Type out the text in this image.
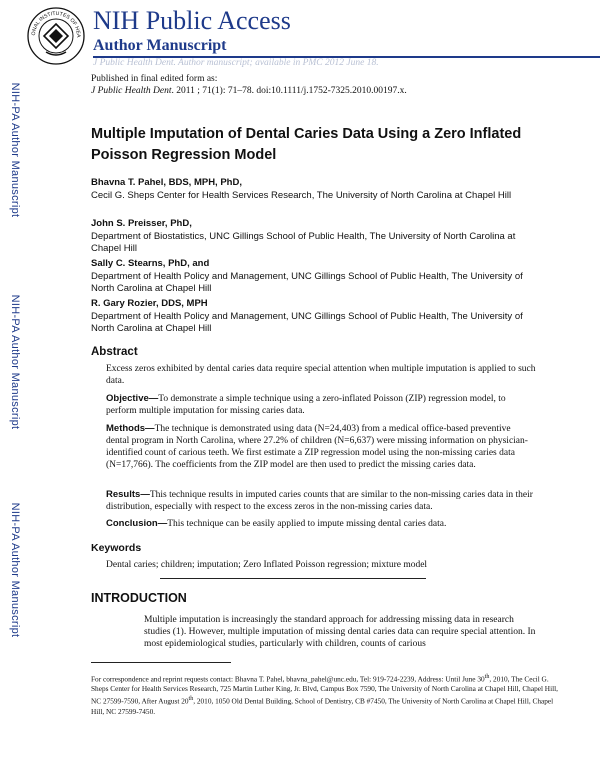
ONAL INSTITUTES OF HEA
NIH Public Access
Author Manuscript
J Public Health Dent. Author manuscript; available in PMC 2012 June 18.
Published in final edited form as:
J Public Health Dent. 2011 ; 71(1): 71–78. doi:10.1111/j.1752-7325.2010.00197.x.
NIH-PA Author Manuscript
NIH-PA Author Manuscript
NIH-PA Author Manuscript
Multiple Imputation of Dental Caries Data Using a Zero Inflated Poisson Regression Model
Bhavna T. Pahel, BDS, MPH, PhD,
Cecil G. Sheps Center for Health Services Research, The University of North Carolina at Chapel Hill
John S. Preisser, PhD,
Department of Biostatistics, UNC Gillings School of Public Health, The University of North Carolina at Chapel Hill
Sally C. Stearns, PhD, and
Department of Health Policy and Management, UNC Gillings School of Public Health, The University of North Carolina at Chapel Hill
R. Gary Rozier, DDS, MPH
Department of Health Policy and Management, UNC Gillings School of Public Health, The University of North Carolina at Chapel Hill
Abstract
Excess zeros exhibited by dental caries data require special attention when multiple imputation is applied to such data.
Objective—To demonstrate a simple technique using a zero-inflated Poisson (ZIP) regression model, to perform multiple imputation for missing caries data.
Methods—The technique is demonstrated using data (N=24,403) from a medical office-based preventive dental program in North Carolina, where 27.2% of children (N=6,637) were missing information on physician-identified count of carious teeth. We first estimate a ZIP regression model using the non-missing caries data (N=17,766). The coefficients from the ZIP model are then used to predict the missing caries data.
Results—This technique results in imputed caries counts that are similar to the non-missing caries data in their distribution, especially with respect to the excess zeros in the non-missing caries data.
Conclusion—This technique can be easily applied to impute missing dental caries data.
Keywords
Dental caries; children; imputation; Zero Inflated Poisson regression; mixture model
INTRODUCTION
Multiple imputation is increasingly the standard approach for addressing missing data in research studies (1). However, multiple imputation of missing dental caries data can require special attention. In most epidemiological studies, particularly with children, counts of carious
For correspondence and reprint requests contact: Bhavna T. Pahel, bhavna_pahel@unc.edu, Tel: 919-724-2239, Address: Until June 30th, 2010, The Cecil G. Sheps Center for Health Services Research, 725 Martin Luther King, Jr. Blvd, Campus Box 7590, The University of North Carolina at Chapel Hill, Chapel Hill, NC 27599-7590, After August 20th, 2010, 1050 Old Dental Building, School of Dentistry, CB #7450, The University of North Carolina at Chapel Hill, Chapel Hill, NC 27599-7450.
